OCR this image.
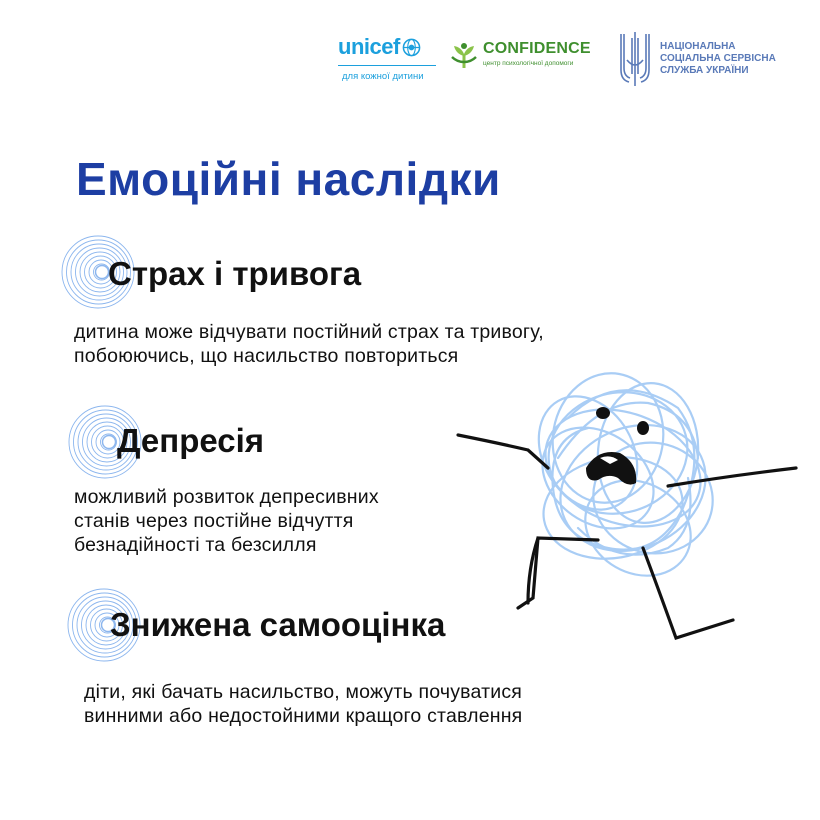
unicef
для кожної дитини
CONFIDENCE
центр психологічної допомоги
НАЦІОНАЛЬНА
СОЦІАЛЬНА СЕРВІСНА
СЛУЖБА УКРАЇНИ
Емоційні наслідки
Страх і тривога
дитина може відчувати постійний страх та тривогу,
побоюючись, що насильство повториться
Депресія
можливий розвиток депресивних
станів через постійне відчуття
безнадійності та безсилля
Знижена самооцінка
діти, які бачать насильство, можуть почуватися
винними або недостойними кращого ставлення
